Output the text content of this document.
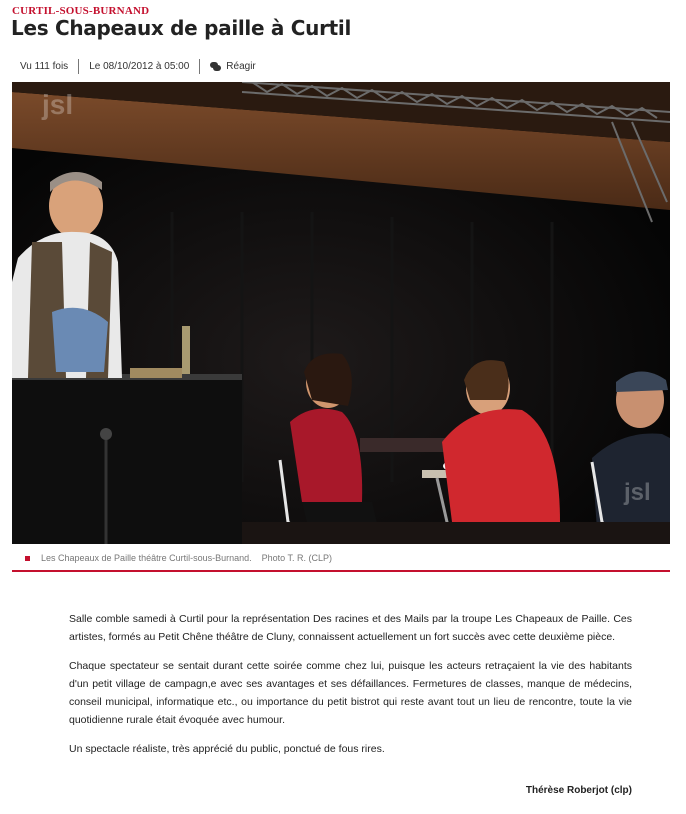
CURTIL-SOUS-BURNAND
Les Chapeaux de paille à Curtil
Vu 111 fois	Le 08/10/2012 à 05:00	Réagir
jsl
jsl
Les Chapeaux de Paille théâtre Curtil-sous-Burnand. Photo T. R. (CLP)

Salle comble samedi à Curtil pour la représentation Des racines et des Mails par la troupe Les Chapeaux de Paille. Ces artistes, formés au Petit Chêne théâtre de Cluny, connaissent actuellement un fort succès avec cette deuxième pièce.

Chaque spectateur se sentait durant cette soirée comme chez lui, puisque les acteurs retraçaient la vie des habitants d'un petit village de campagn,e avec ses avantages et ses défaillances. Fermetures de classes, manque de médecins, conseil municipal, informatique etc., ou importance du petit bistrot qui reste avant tout un lieu de rencontre, toute la vie quotidienne rurale était évoquée avec humour.

Un spectacle réaliste, très apprécié du public, ponctué de fous rires.

Thérèse Roberjot (clp)
